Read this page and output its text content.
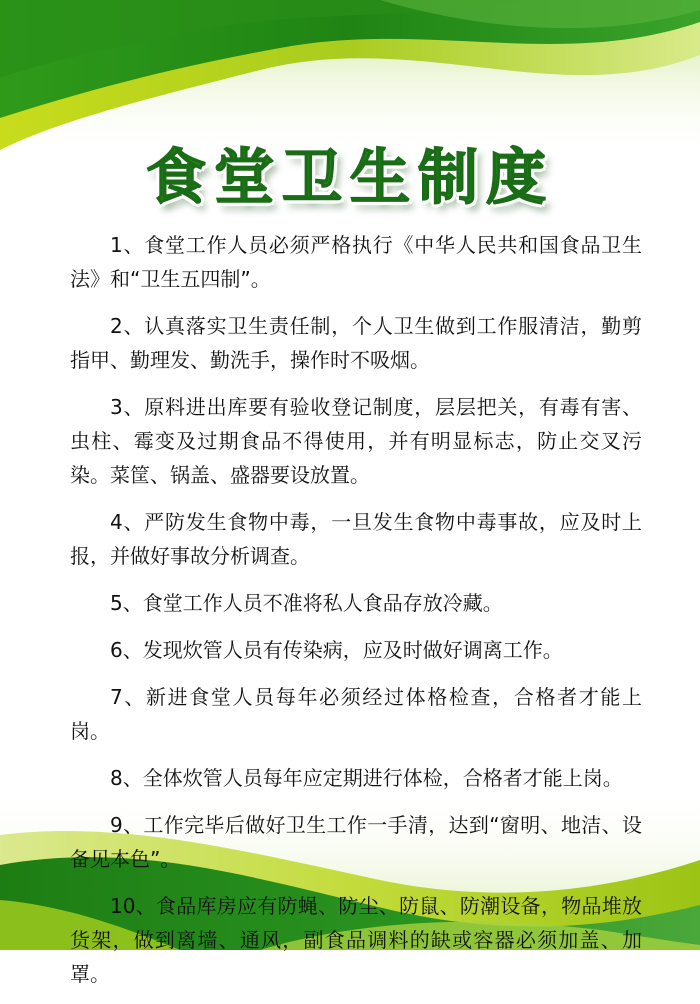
食堂卫生制度

1、食堂工作人员必须严格执行《中华人民共和国食品卫生法》和“卫生五四制”。

2、认真落实卫生责任制，个人卫生做到工作服清洁，勤剪指甲、勤理发、勤洗手，操作时不吸烟。

3、原料进出库要有验收登记制度，层层把关，有毒有害、虫柱、霉变及过期食品不得使用，并有明显标志，防止交叉污染。菜筐、锅盖、盛器要设放置。

4、严防发生食物中毒，一旦发生食物中毒事故，应及时上报，并做好事故分析调查。

5、食堂工作人员不准将私人食品存放冷藏。

6、发现炊管人员有传染病，应及时做好调离工作。

7、新进食堂人员每年必须经过体格检查，合格者才能上岗。

8、全体炊管人员每年应定期进行体检，合格者才能上岗。

9、工作完毕后做好卫生工作一手清，达到“窗明、地洁、设备见本色”。

10、食品库房应有防蝇、防尘、防鼠、防潮设备，物品堆放货架，做到离墙、通风，副食品调料的缺或容器必须加盖、加罩。
